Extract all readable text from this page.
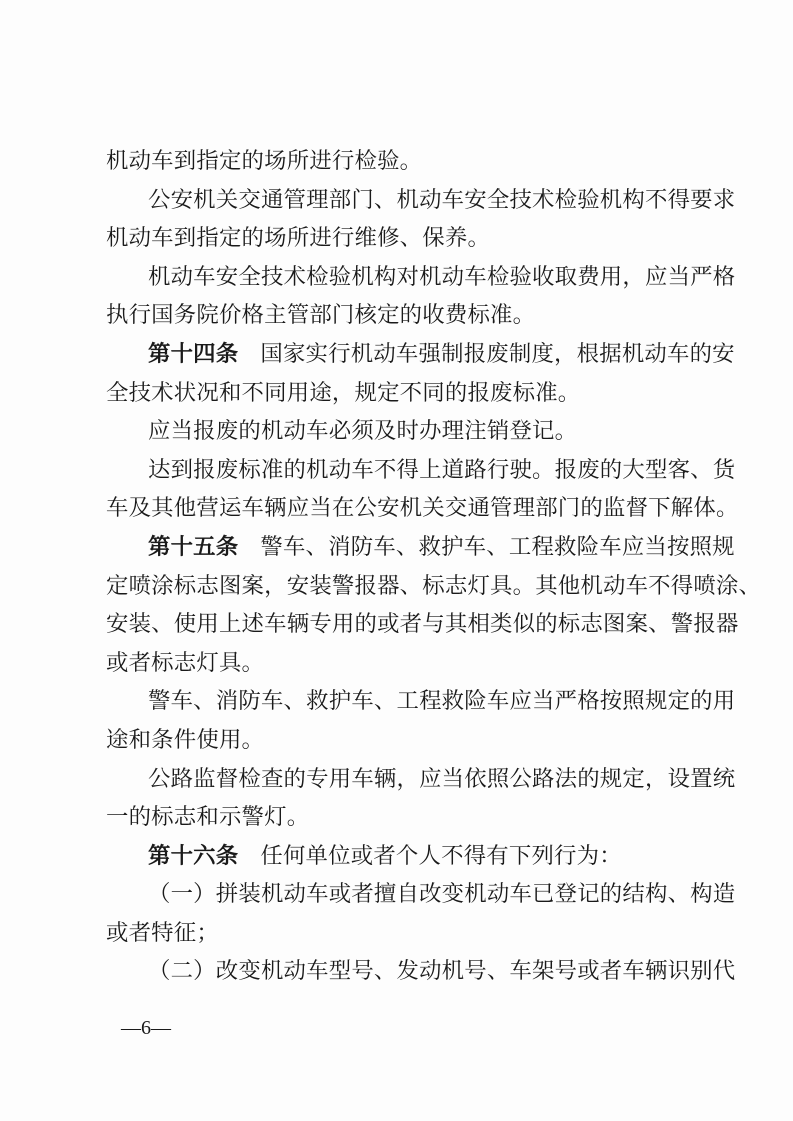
机动车到指定的场所进行检验。
公安机关交通管理部门、机动车安全技术检验机构不得要求
机动车到指定的场所进行维修、保养。
机动车安全技术检验机构对机动车检验收取费用，应当严格
执行国务院价格主管部门核定的收费标准。
第十四条 国家实行机动车强制报废制度，根据机动车的安
全技术状况和不同用途，规定不同的报废标准。
应当报废的机动车必须及时办理注销登记。
达到报废标准的机动车不得上道路行驶。报废的大型客、货
车及其他营运车辆应当在公安机关交通管理部门的监督下解体。
第十五条 警车、消防车、救护车、工程救险车应当按照规
定喷涂标志图案，安装警报器、标志灯具。其他机动车不得喷涂、
安装、使用上述车辆专用的或者与其相类似的标志图案、警报器
或者标志灯具。
警车、消防车、救护车、工程救险车应当严格按照规定的用
途和条件使用。
公路监督检查的专用车辆，应当依照公路法的规定，设置统
一的标志和示警灯。
第十六条 任何单位或者个人不得有下列行为：
（一）拼装机动车或者擅自改变机动车已登记的结构、构造
或者特征；
（二）改变机动车型号、发动机号、车架号或者车辆识别代
—6—
